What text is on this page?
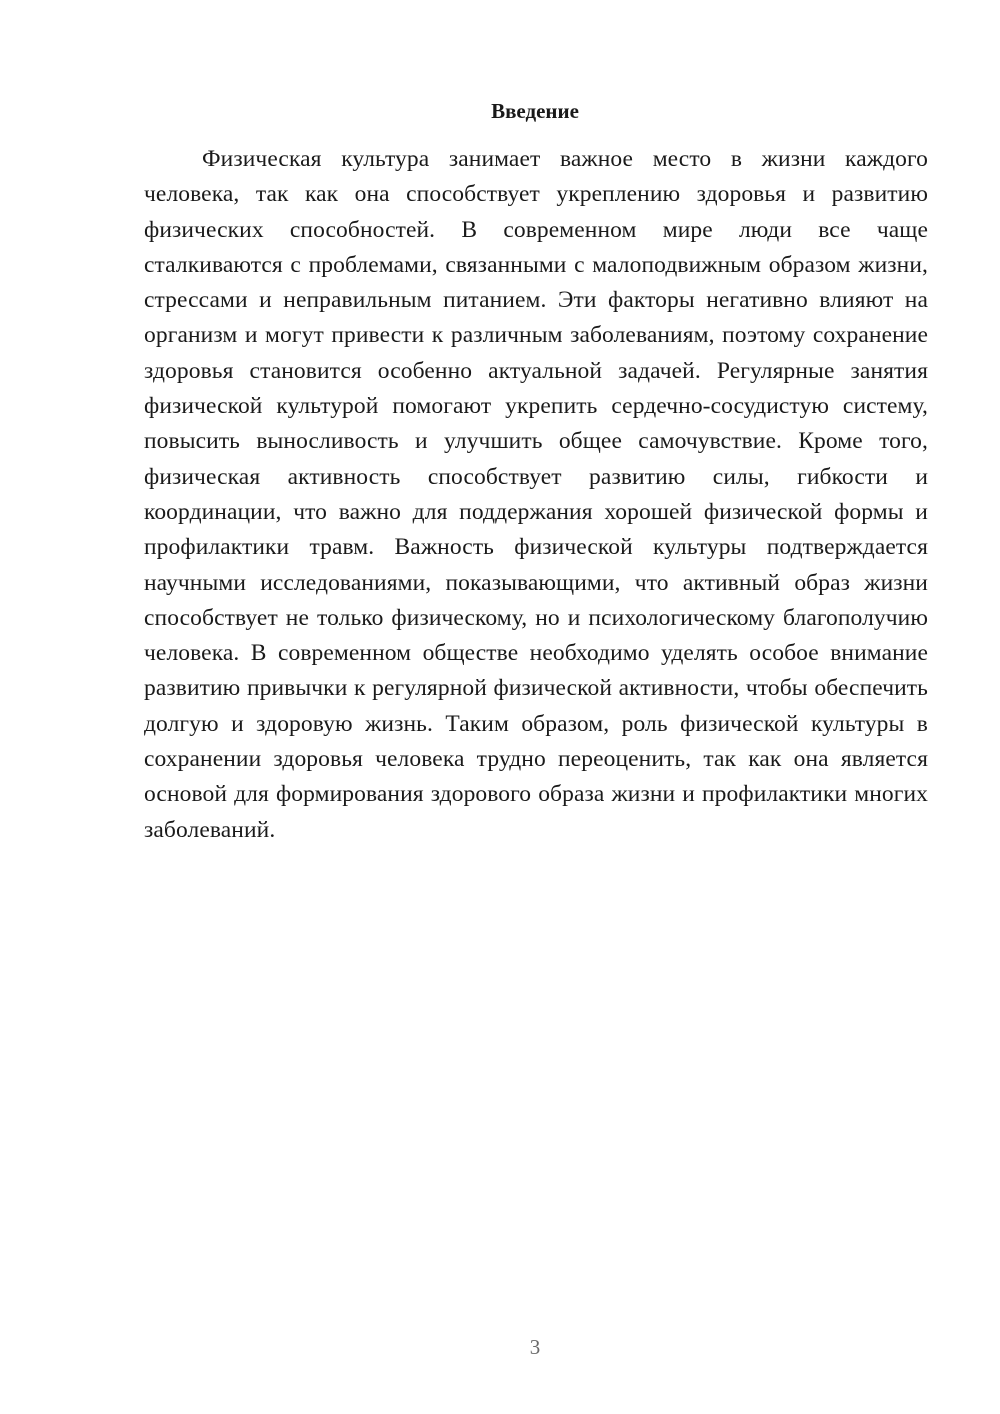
Введение

Физическая культура занимает важное место в жизни каждого человека, так как она способствует укреплению здоровья и развитию физических способностей. В современном мире люди все чаще сталкиваются с проблемами, связанными с малоподвижным образом жизни, стрессами и неправильным питанием. Эти факторы негативно влияют на организм и могут привести к различным заболеваниям, поэтому сохранение здоровья становится особенно актуальной задачей. Регулярные занятия физической культурой помогают укрепить сердечно-сосудистую систему, повысить выносливость и улучшить общее самочувствие. Кроме того, физическая активность способствует развитию силы, гибкости и координации, что важно для поддержания хорошей физической формы и профилактики травм. Важность физической культуры подтверждается научными исследованиями, показывающими, что активный образ жизни способствует не только физическому, но и психологическому благополучию человека. В современном обществе необходимо уделять особое внимание развитию привычки к регулярной физической активности, чтобы обеспечить долгую и здоровую жизнь. Таким образом, роль физической культуры в сохранении здоровья человека трудно переоценить, так как она является основой для формирования здорового образа жизни и профилактики многих заболеваний.

3
